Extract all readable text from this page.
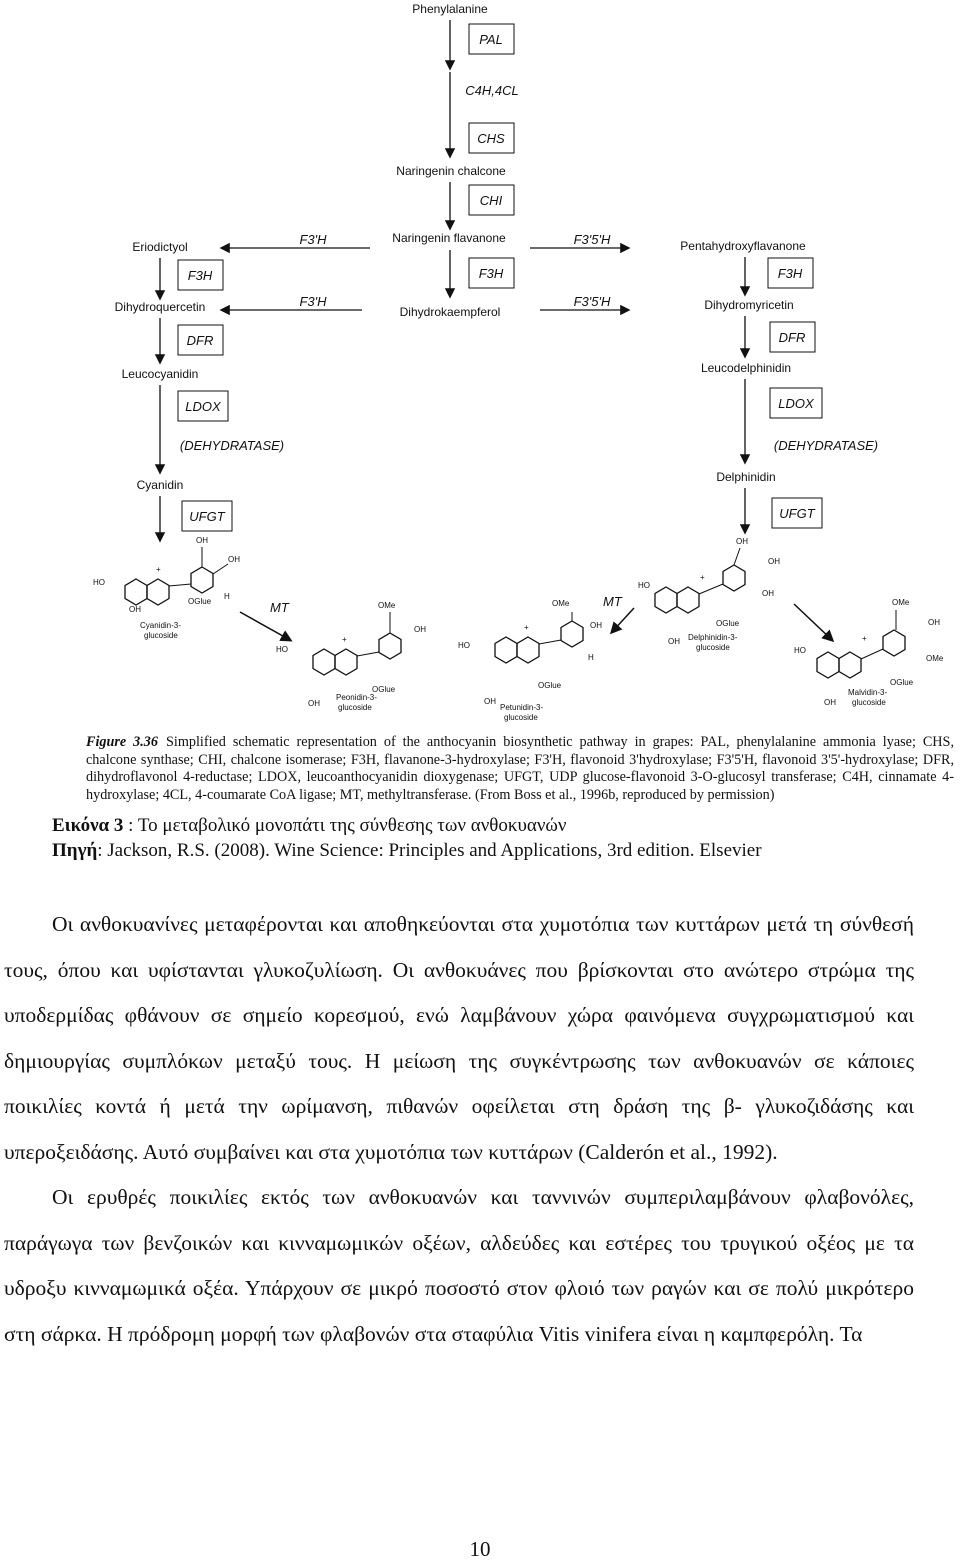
Phenylalanine
PAL
C4H,4CL
CHS
Naringenin chalcone
CHI
Naringenin flavanone
F3H
Dihydrokaempferol
F3'H	F3'5'H
F3'H	F3'5'H
Eriodictyol
F3H
Dihydroquercetin
DFR
Leucocyanidin
LDOX
(DEHYDRATASE)
Cyanidin
UFGT
Pentahydroxyflavanone
F3H
Dihydromyricetin
DFR
Leucodelphinidin
LDOX
(DEHYDRATASE)
Delphinidin
UFGT
OH
OH
HO
OH
+
OGlue
H
Cyanidin-3-
glucoside
MT	OMe
OH
HO
OH
+
OGlue
Peonidin-3-
glucoside
OMe
OH
HO
OH
+
OGlue
H
Petunidin-3-
glucoside
MT
OH
OH
OH
HO
OH
+
OGlue
Delphinidin-3-
glucoside
OMe
OH
OMe
HO
OH
+
OGlue
Malvidin-3-
glucoside
Figure 3.36 Simplified schematic representation of the anthocyanin biosynthetic pathway in grapes: PAL, phenylalanine ammonia lyase; CHS, chalcone synthase; CHI, chalcone isomerase; F3H, flavanone-3-hydroxylase; F3'H, flavonoid 3'hydroxylase; F3'5'H, flavonoid 3'5'-hydroxylase; DFR, dihydroflavonol 4-reductase; LDOX, leucoanthocyanidin dioxygenase; UFGT, UDP glucose-flavonoid 3-O-glucosyl transferase; C4H, cinnamate 4-hydroxylase; 4CL, 4-coumarate CoA ligase; MT, methyltransferase. (From Boss et al., 1996b, reproduced by permission)
Εικόνα 3 : Το μεταβολικό μονοπάτι της σύνθεσης των ανθοκυανών
Πηγή: Jackson, R.S. (2008). Wine Science: Principles and Applications, 3rd edition. Elsevier

Οι ανθοκυανίνες μεταφέρονται και αποθηκεύονται στα χυμοτόπια των κυττάρων μετά τη σύνθεσή τους, όπου και υφίστανται γλυκοζυλίωση. Οι ανθοκυάνες που βρίσκονται στο ανώτερο στρώμα της υποδερμίδας φθάνουν σε σημείο κορεσμού, ενώ λαμβάνουν χώρα φαινόμενα συγχρωματισμού και δημιουργίας συμπλόκων μεταξύ τους. Η μείωση της συγκέντρωσης των ανθοκυανών σε κάποιες ποικιλίες κοντά ή μετά την ωρίμανση, πιθανών οφείλεται στη δράση της β- γλυκοζιδάσης και υπεροξειδάσης. Αυτό συμβαίνει και στα χυμοτόπια των κυττάρων (Calderón et al., 1992).

Οι ερυθρές ποικιλίες εκτός των ανθοκυανών και ταννινών συμπεριλαμβάνουν φλαβονόλες, παράγωγα των βενζοικών και κινναμωμικών οξέων, αλδεύδες και εστέρες του τρυγικού οξέος με τα υδροξυ κινναμωμικά οξέα. Υπάρχουν σε μικρό ποσοστό στον φλοιό των ραγών και σε πολύ μικρότερο στη σάρκα. Η πρόδρομη μορφή των φλαβονών στα σταφύλια Vitis vinifera είναι η καμπφερόλη. Τα

10
